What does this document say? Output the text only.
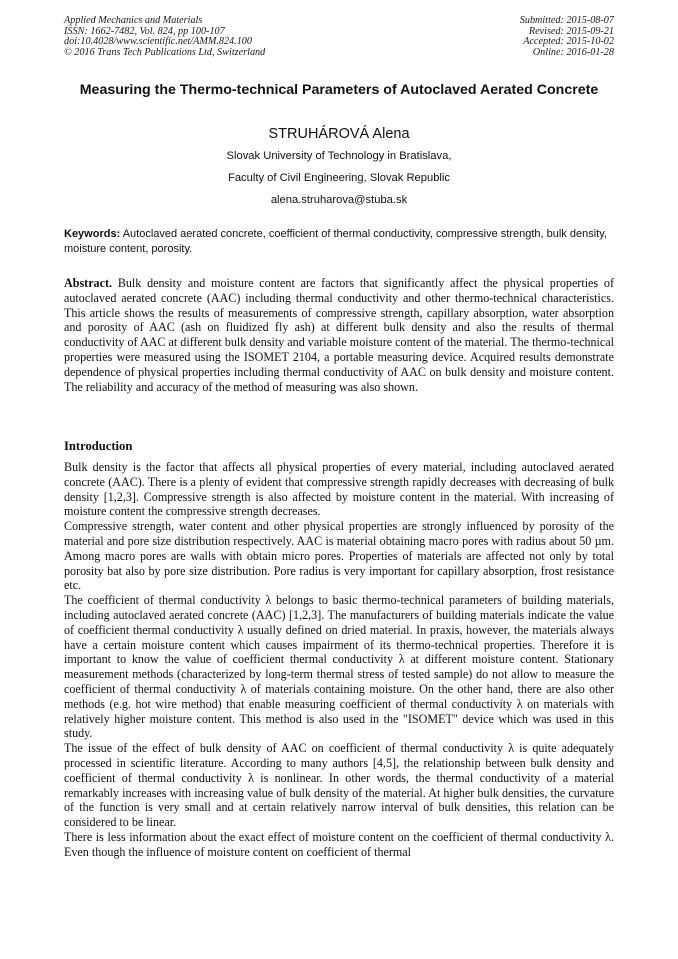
Applied Mechanics and Materials
ISSN: 1662-7482, Vol. 824, pp 100-107
doi:10.4028/www.scientific.net/AMM.824.100
© 2016 Trans Tech Publications Ltd, Switzerland
Submitted: 2015-08-07
Revised: 2015-09-21
Accepted: 2015-10-02
Online: 2016-01-28
Measuring the Thermo-technical Parameters of Autoclaved Aerated Concrete
STRUHÁROVÁ Alena
Slovak University of Technology in Bratislava,
Faculty of Civil Engineering, Slovak Republic
alena.struharova@stuba.sk
Keywords: Autoclaved aerated concrete, coefficient of thermal conductivity, compressive strength, bulk density, moisture content, porosity.
Abstract. Bulk density and moisture content are factors that significantly affect the physical properties of autoclaved aerated concrete (AAC) including thermal conductivity and other thermo-technical characteristics. This article shows the results of measurements of compressive strength, capillary absorption, water absorption and porosity of AAC (ash on fluidized fly ash) at different bulk density and also the results of thermal conductivity of AAC at different bulk density and variable moisture content of the material. The thermo-technical properties were measured using the ISOMET 2104, a portable measuring device. Acquired results demonstrate dependence of physical properties including thermal conductivity of AAC on bulk density and moisture content. The reliability and accuracy of the method of measuring was also shown.
Introduction

Bulk density is the factor that affects all physical properties of every material, including autoclaved aerated concrete (AAC). There is a plenty of evident that compressive strength rapidly decreases with decreasing of bulk density [1,2,3]. Compressive strength is also affected by moisture content in the material. With increasing of moisture content the compressive strength decreases.

Compressive strength, water content and other physical properties are strongly influenced by porosity of the material and pore size distribution respectively. AAC is material obtaining macro pores with radius about 50 µm. Among macro pores are walls with obtain micro pores. Properties of materials are affected not only by total porosity bat also by pore size distribution. Pore radius is very important for capillary absorption, frost resistance etc.

The coefficient of thermal conductivity λ belongs to basic thermo-technical parameters of building materials, including autoclaved aerated concrete (AAC) [1,2,3]. The manufacturers of building materials indicate the value of coefficient thermal conductivity λ usually defined on dried material. In praxis, however, the materials always have a certain moisture content which causes impairment of its thermo-technical properties. Therefore it is important to know the value of coefficient thermal conductivity λ at different moisture content. Stationary measurement methods (characterized by long-term thermal stress of tested sample) do not allow to measure the coefficient of thermal conductivity λ of materials containing moisture. On the other hand, there are also other methods (e.g. hot wire method) that enable measuring coefficient of thermal conductivity λ on materials with relatively higher moisture content. This method is also used in the "ISOMET" device which was used in this study.

The issue of the effect of bulk density of AAC on coefficient of thermal conductivity λ is quite adequately processed in scientific literature. According to many authors [4,5], the relationship between bulk density and coefficient of thermal conductivity λ is nonlinear. In other words, the thermal conductivity of a material remarkably increases with increasing value of bulk density of the material. At higher bulk densities, the curvature of the function is very small and at certain relatively narrow interval of bulk densities, this relation can be considered to be linear.

There is less information about the exact effect of moisture content on the coefficient of thermal conductivity λ. Even though the influence of moisture content on coefficient of thermal
